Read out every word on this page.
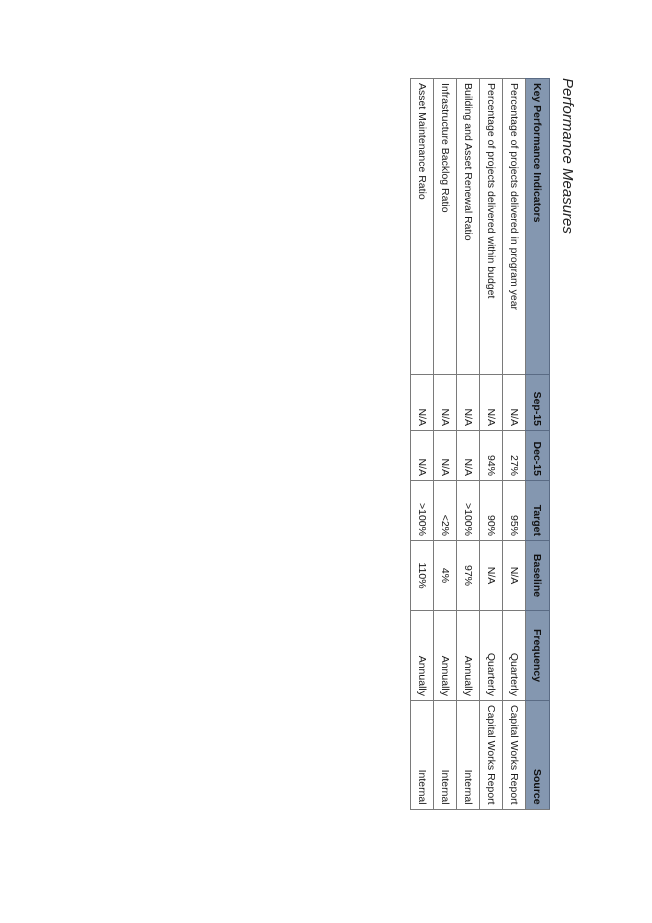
Performance Measures
Key Performance Indicators	Sep-15	Dec-15	Target	Baseline	Frequency	Source
Percentage of projects delivered in program year	N/A	27%	95%	N/A	Quarterly	Capital Works Report
Percentage of projects delivered within budget	N/A	94%	90%	N/A	Quarterly	Capital Works Report
Building and Asset Renewal Ratio	N/A	N/A	>100%	97%	Annually	Internal
Infrastructure Backlog Ratio	N/A	N/A	<2%	4%	Annually	Internal
Asset Maintenance Ratio	N/A	N/A	>100%	110%	Annually	Internal
